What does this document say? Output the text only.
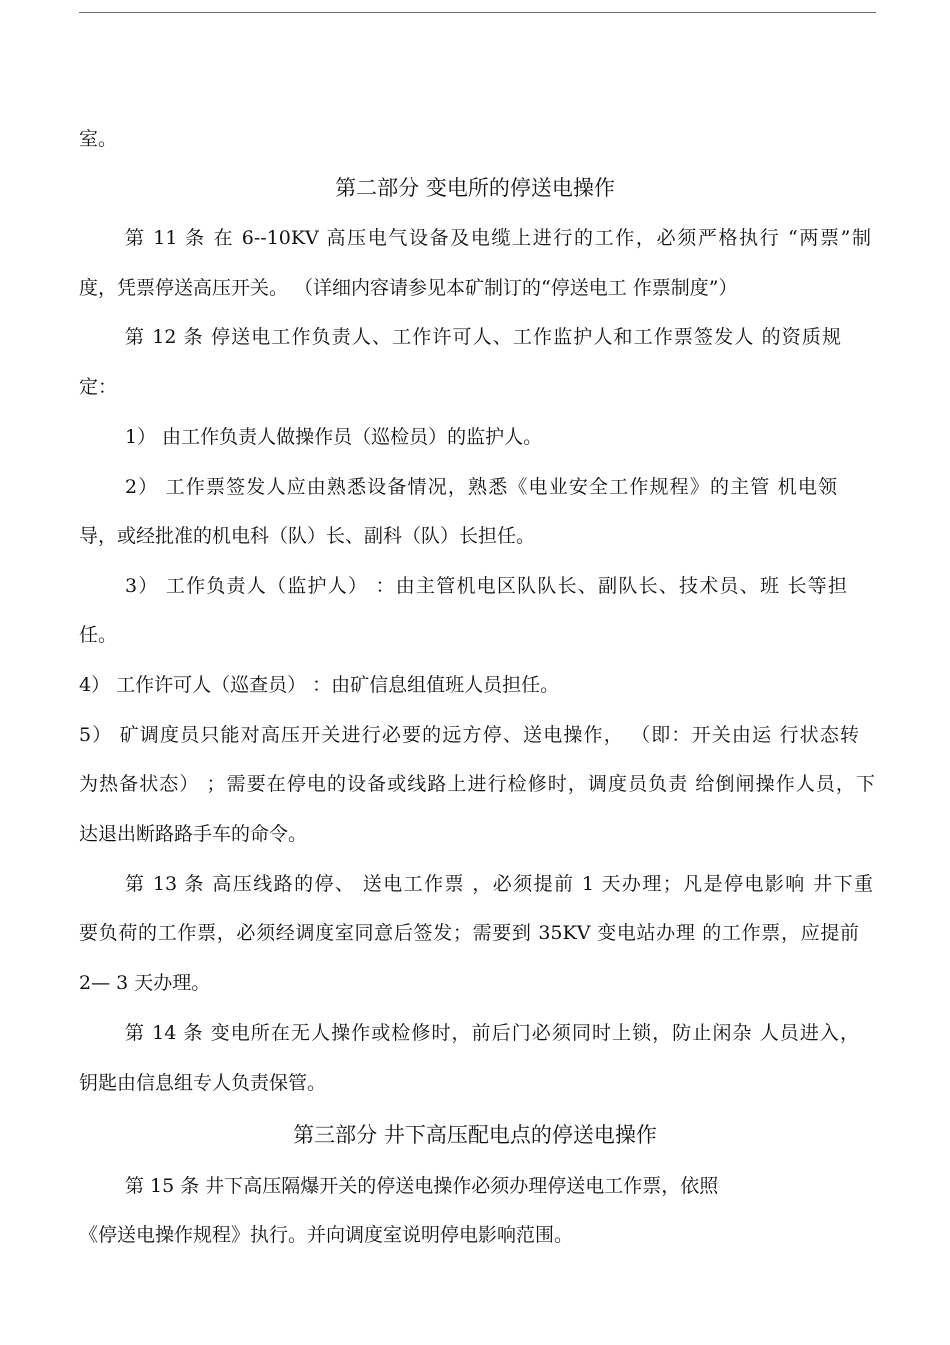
室。
第二部分 变电所的停送电操作
第 11 条 在 6--10KV 高压电气设备及电缆上进行的工作，必须严格执行 “两票”制
度，凭票停送高压开关。 （详细内容请参见本矿制订的“停送电工 作票制度”）
第 12 条 停送电工作负责人、工作许可人、工作监护人和工作票签发人 的资质规
定：
1） 由工作负责人做操作员（巡检员）的监护人。
2） 工作票签发人应由熟悉设备情况，熟悉《电业安全工作规程》的主管 机电领
导，或经批准的机电科（队）长、副科（队）长担任。
3） 工作负责人（监护人） ：由主管机电区队队长、副队长、技术员、班 长等担
任。
4） 工作许可人（巡查员） ：由矿信息组值班人员担任。
5） 矿调度员只能对高压开关进行必要的远方停、送电操作， （即：开关由运 行状态转
为热备状态） ；需要在停电的设备或线路上进行检修时，调度员负责 给倒闸操作人员，下
达退出断路路手车的命令。
第 13 条 高压线路的停、 送电工作票 ，必须提前 1 天办理；凡是停电影响 井下重
要负荷的工作票，必须经调度室同意后签发；需要到 35KV 变电站办理 的工作票，应提前
2— 3 天办理。
第 14 条 变电所在无人操作或检修时，前后门必须同时上锁，防止闲杂 人员进入，
钥匙由信息组专人负责保管。
第三部分 井下高压配电点的停送电操作
第 15 条 井下高压隔爆开关的停送电操作必须办理停送电工作票，依照
《停送电操作规程》执行。并向调度室说明停电影响范围。
